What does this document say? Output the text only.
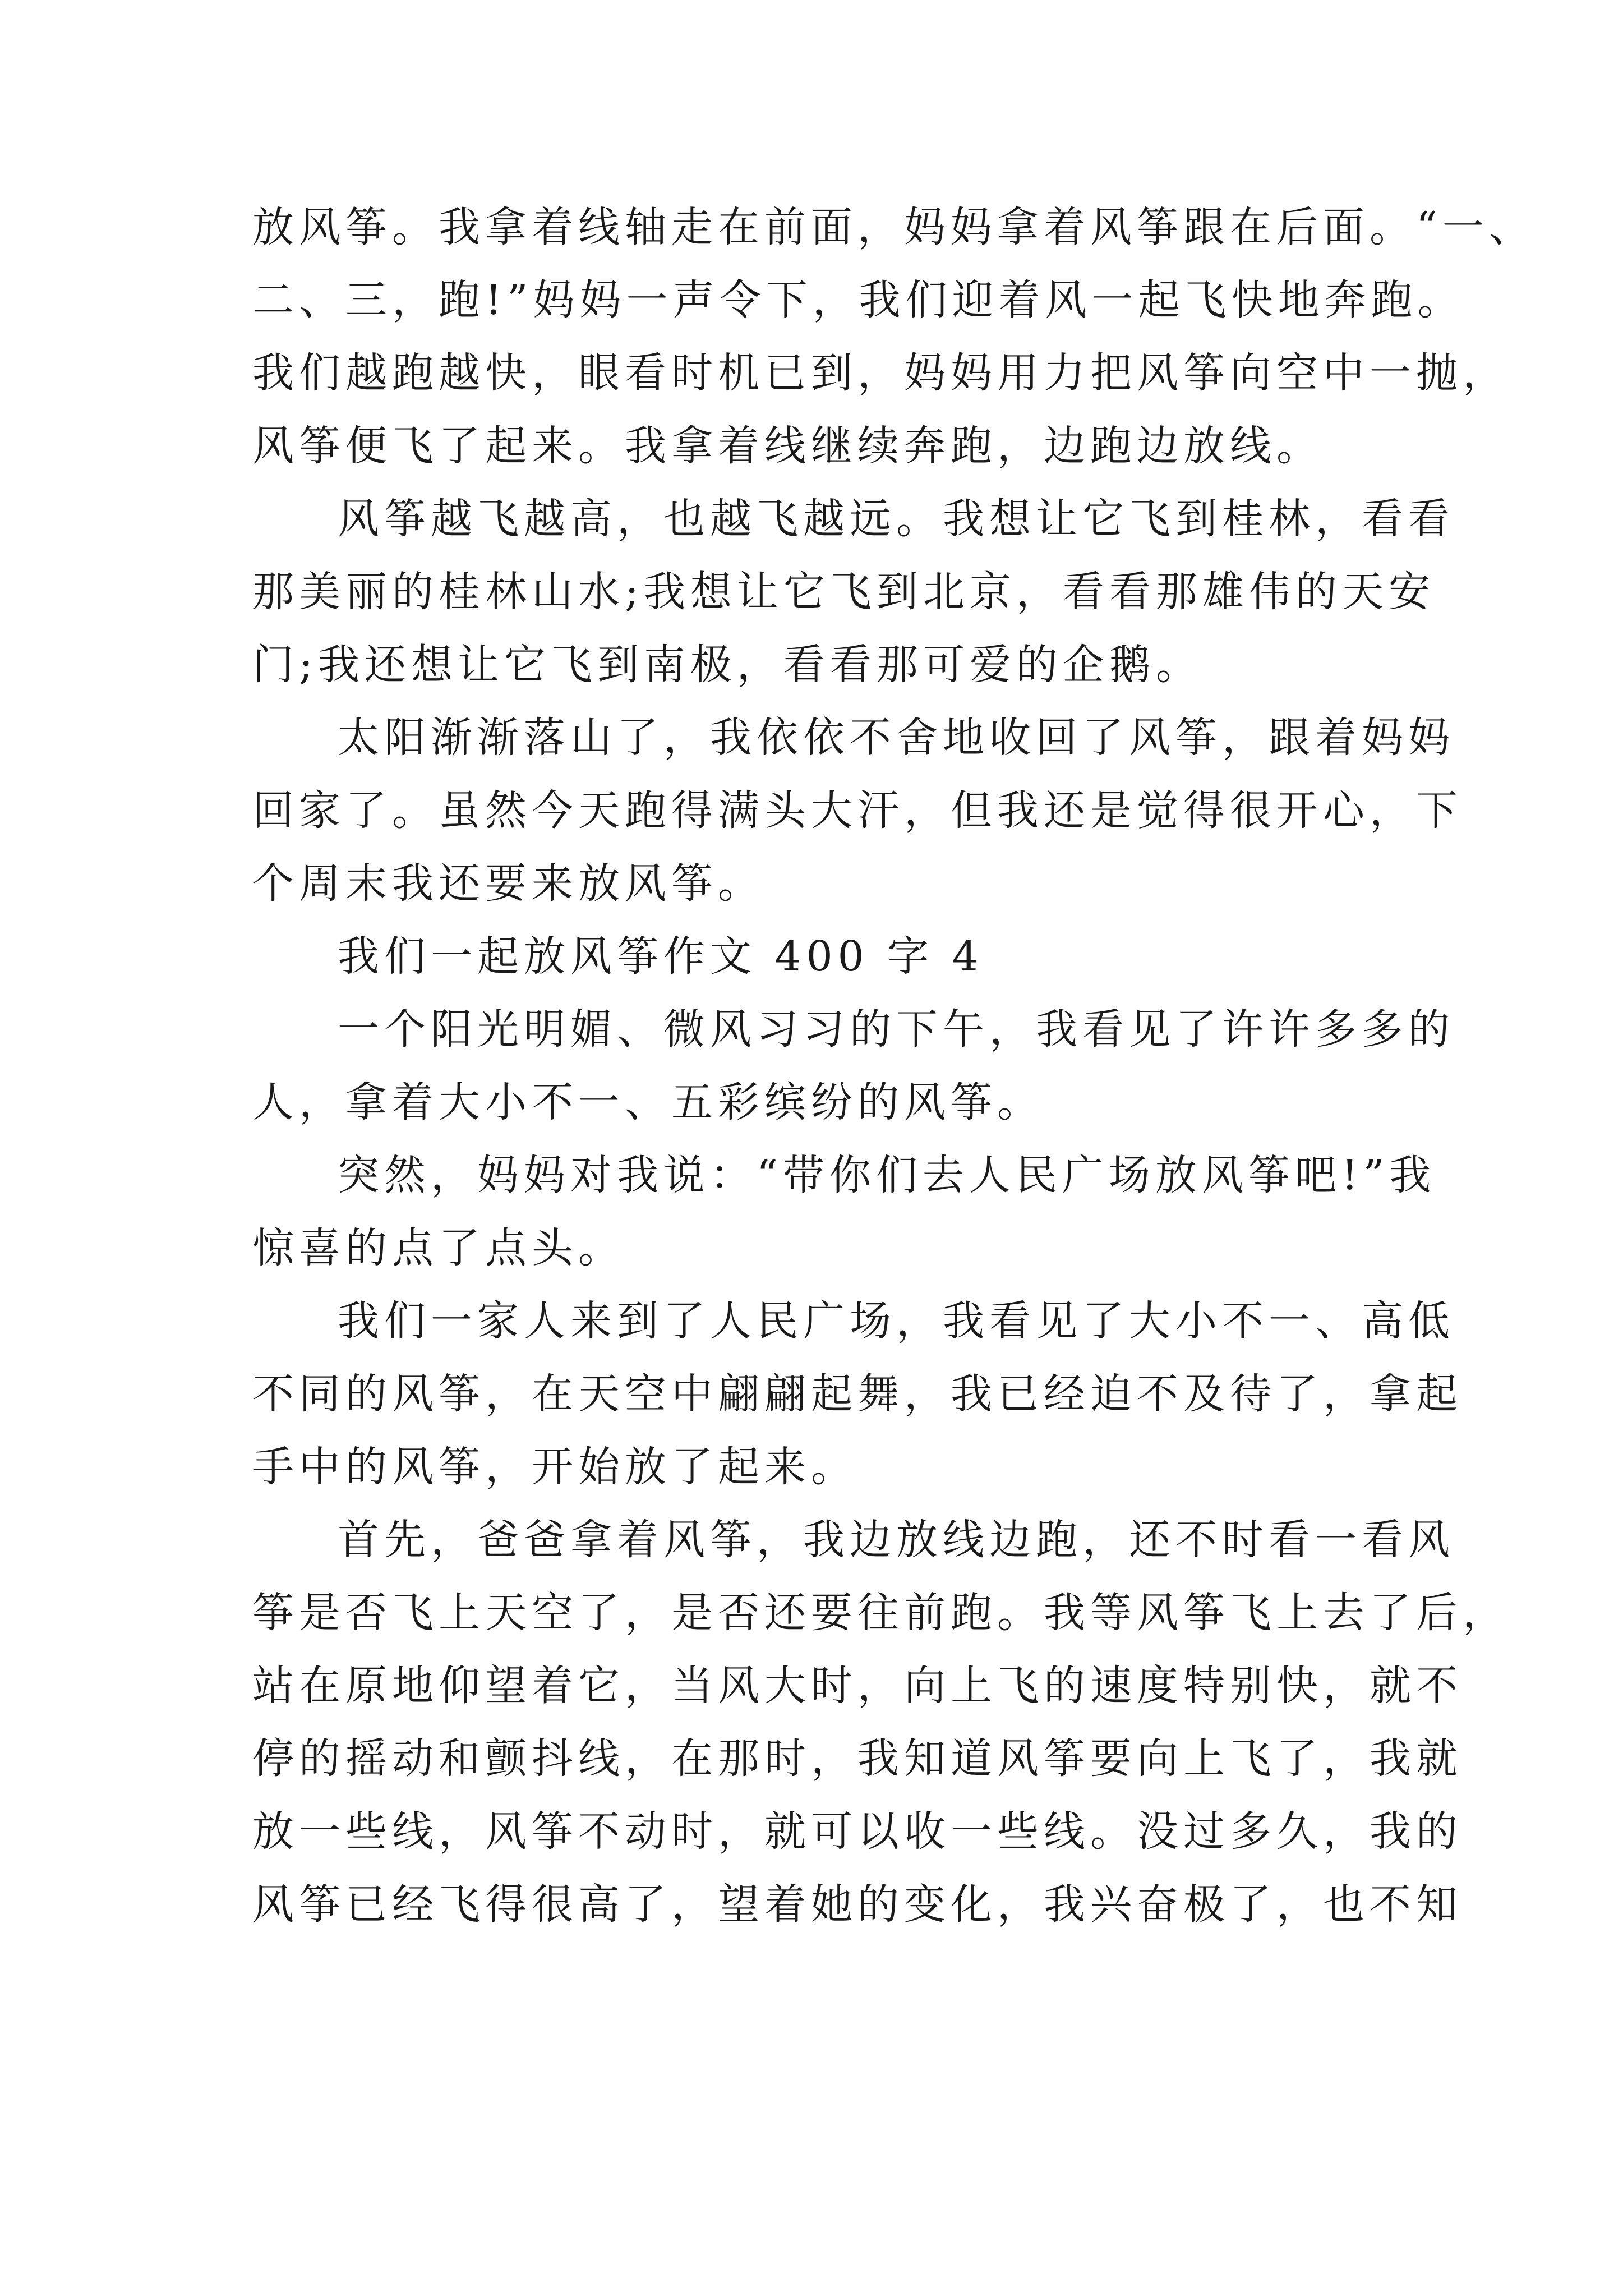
放风筝。我拿着线轴走在前面，妈妈拿着风筝跟在后面。“一、
二、三，跑!”妈妈一声令下，我们迎着风一起飞快地奔跑。
我们越跑越快，眼看时机已到，妈妈用力把风筝向空中一抛，
风筝便飞了起来。我拿着线继续奔跑，边跑边放线。
风筝越飞越高，也越飞越远。我想让它飞到桂林，看看
那美丽的桂林山水;我想让它飞到北京，看看那雄伟的天安
门;我还想让它飞到南极，看看那可爱的企鹅。
太阳渐渐落山了，我依依不舍地收回了风筝，跟着妈妈
回家了。虽然今天跑得满头大汗，但我还是觉得很开心，下
个周末我还要来放风筝。
我们一起放风筝作文 400 字 4
一个阳光明媚、微风习习的下午，我看见了许许多多的
人，拿着大小不一、五彩缤纷的风筝。
突然，妈妈对我说：“带你们去人民广场放风筝吧!”我
惊喜的点了点头。
我们一家人来到了人民广场，我看见了大小不一、高低
不同的风筝，在天空中翩翩起舞，我已经迫不及待了，拿起
手中的风筝，开始放了起来。
首先，爸爸拿着风筝，我边放线边跑，还不时看一看风
筝是否飞上天空了，是否还要往前跑。我等风筝飞上去了后，
站在原地仰望着它，当风大时，向上飞的速度特别快，就不
停的摇动和颤抖线，在那时，我知道风筝要向上飞了，我就
放一些线，风筝不动时，就可以收一些线。没过多久，我的
风筝已经飞得很高了，望着她的变化，我兴奋极了，也不知
